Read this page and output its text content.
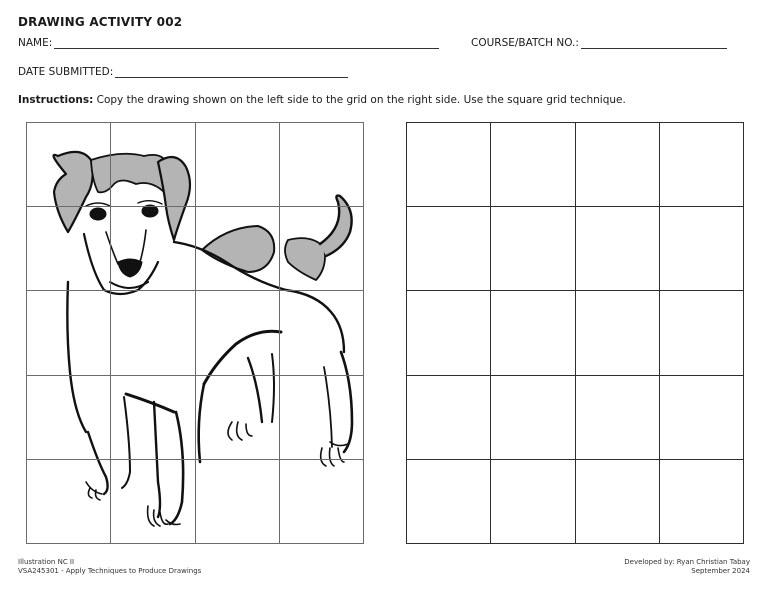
DRAWING ACTIVITY 002
NAME:	COURSE/BATCH NO.:
DATE SUBMITTED:
Instructions: Copy the drawing shown on the left side to the grid on the right side. Use the square grid technique.

Illustration NC II
VSA245301 - Apply Techniques to Produce Drawings
Developed by: Ryan Christian Tabay
September 2024
